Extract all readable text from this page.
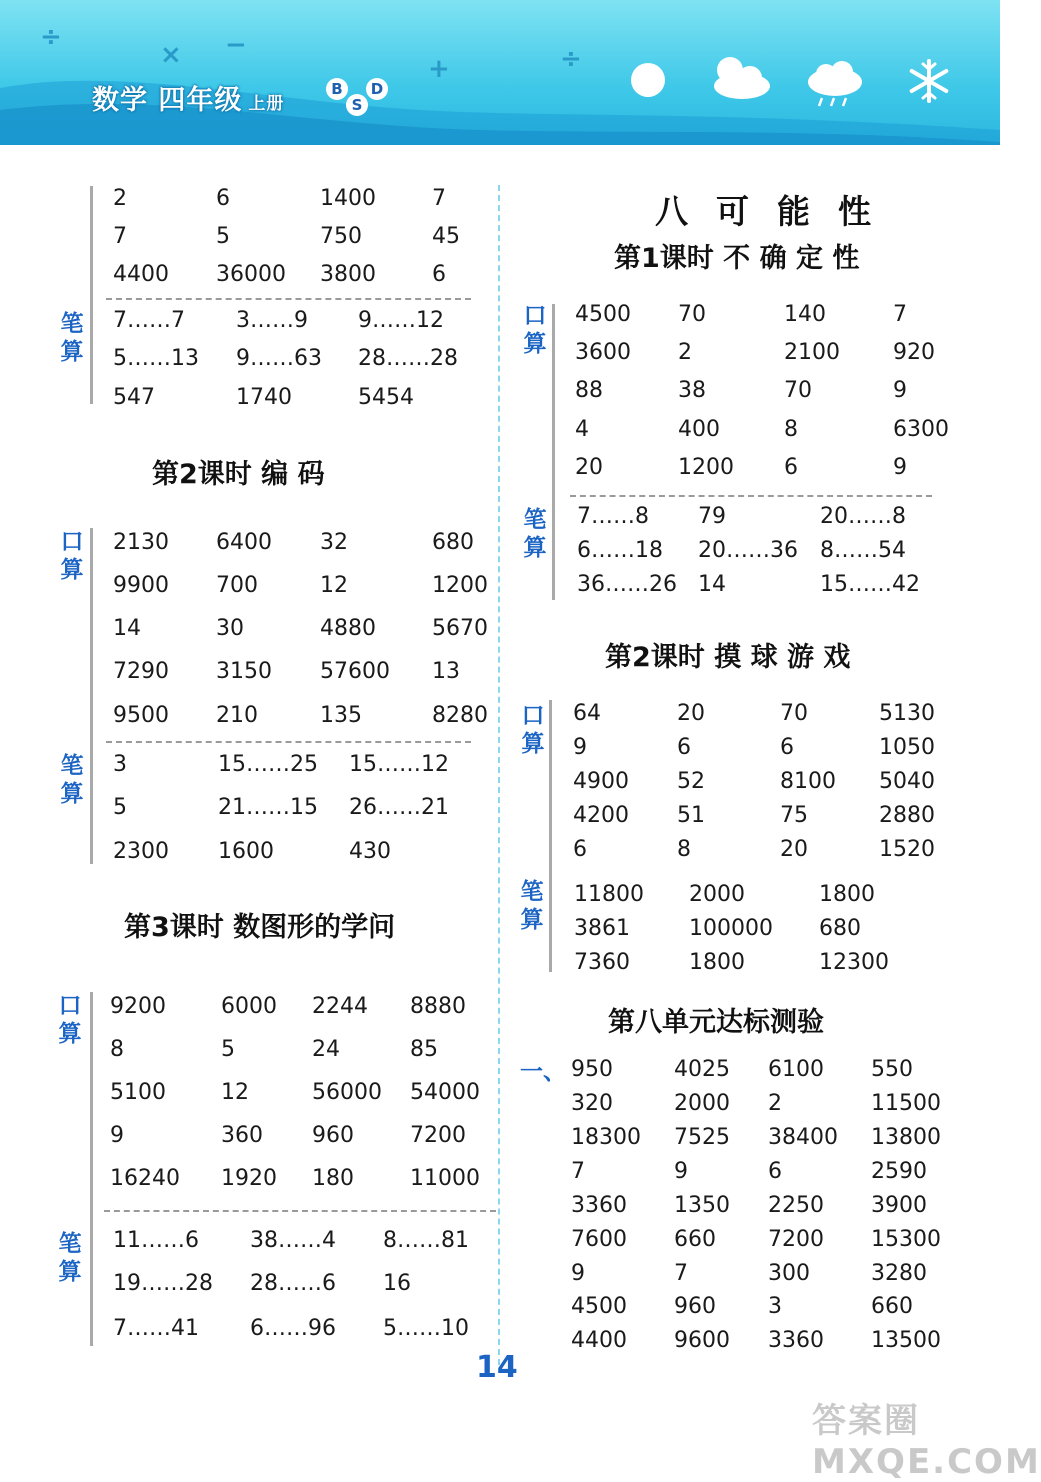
÷
×	+
−	÷
数学 四年级 上册
B
S
D
2	6	1400	7
7	5	750	45
4400 36000 3800	6
笔算
7……7 3……9 9……12
5……13 9……63 28……28
547	1740	5454
第2课时 编 码
口算
2130 6400 32	680
9900 700	12	1200
14	30	4880	5670
7290 3150 57600 13
9500 210	135	8280
笔算
3	15……25 15……12
5	21……15 26……21
2300 1600	430
第3课时 数图形的学问
口算
9200	6000 2244 8880
8	5	24	85
5100	12	56000 54000
9	360 960	7200
16240 1920 180	11000
笔算
11……6 38……4 8……81
19……28 28……6 16
7……41 6……96 5……10
八可能性
第1课时 不 确 定 性
口算
4500 70	140	7
3600 2	2100 920
88	38	70	9
4	400	8	6300
20	1200 6	9
笔算
7……8 79	20……8
6……18 20……36 8……54
36……26 14	15……42
第2课时 摸 球 游 戏
口算
64	20	70	5130
9	6	6	1050
4900 52	8100 5040
4200 51	75	2880
6	8	20	1520
笔算
11800 2000	1800
3861	100000 680
7360	1800	12300
第八单元达标测验
一、 950	4025 6100 550
320	2000 2	11500
18300 7525 38400 13800
7	9	6	2590
3360 1350 2250 3900
7600 660 7200 15300
9	7	300	3280
4500 960 3	660
4400 9600 3360 13500
14
答案圈 MXQE.COM
